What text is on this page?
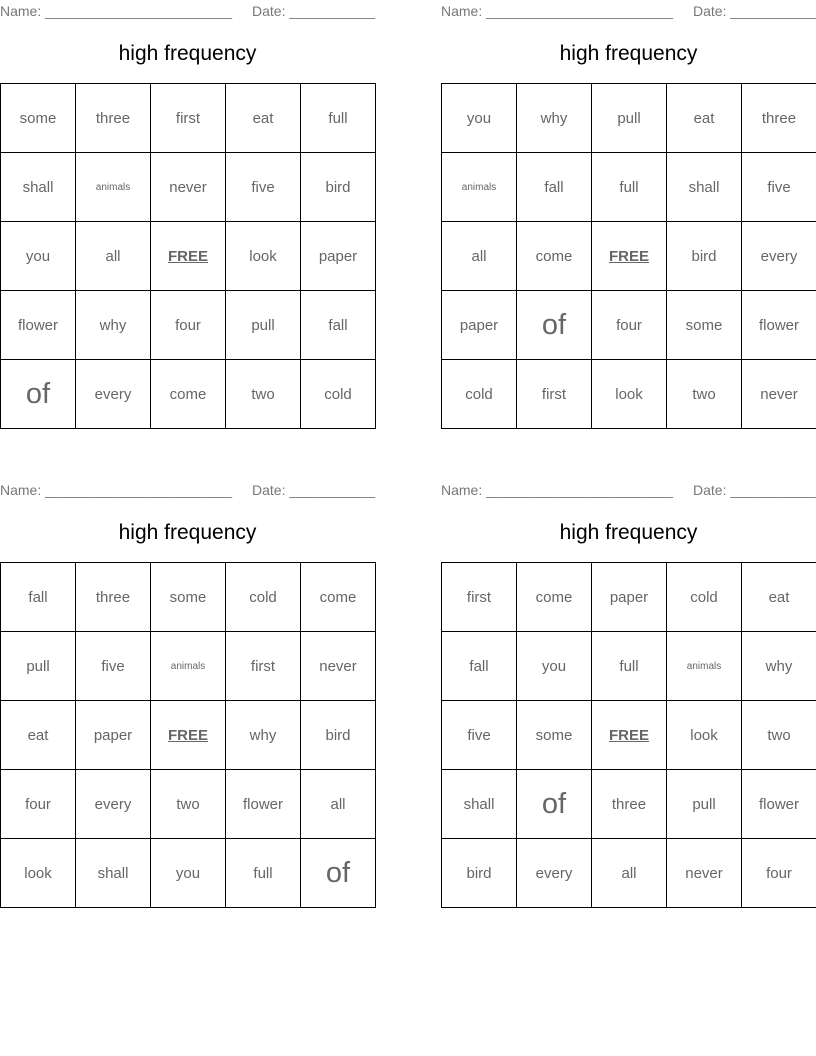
Name: ________________________ Date: ___________
high frequency
some	three	first	eat	full
shall	animals	never	five	bird
you	all	FREE	look	paper
flower	why	four	pull	fall
of	every	come	two	cold
Name: ________________________ Date: ___________
high frequency
you	why	pull	eat	three
animals	fall	full	shall	five
all	come	FREE	bird	every
paper	of	four	some	flower
cold	first	look	two	never
Name: ________________________ Date: ___________
high frequency
fall	three	some	cold	come
pull	five	animals	first	never
eat	paper	FREE	why	bird
four	every	two	flower	all
look	shall	you	full	of
Name: ________________________ Date: ___________
high frequency
first	come	paper	cold	eat
fall	you	full	animals	why
five	some	FREE	look	two
shall	of	three	pull	flower
bird	every	all	never	four
